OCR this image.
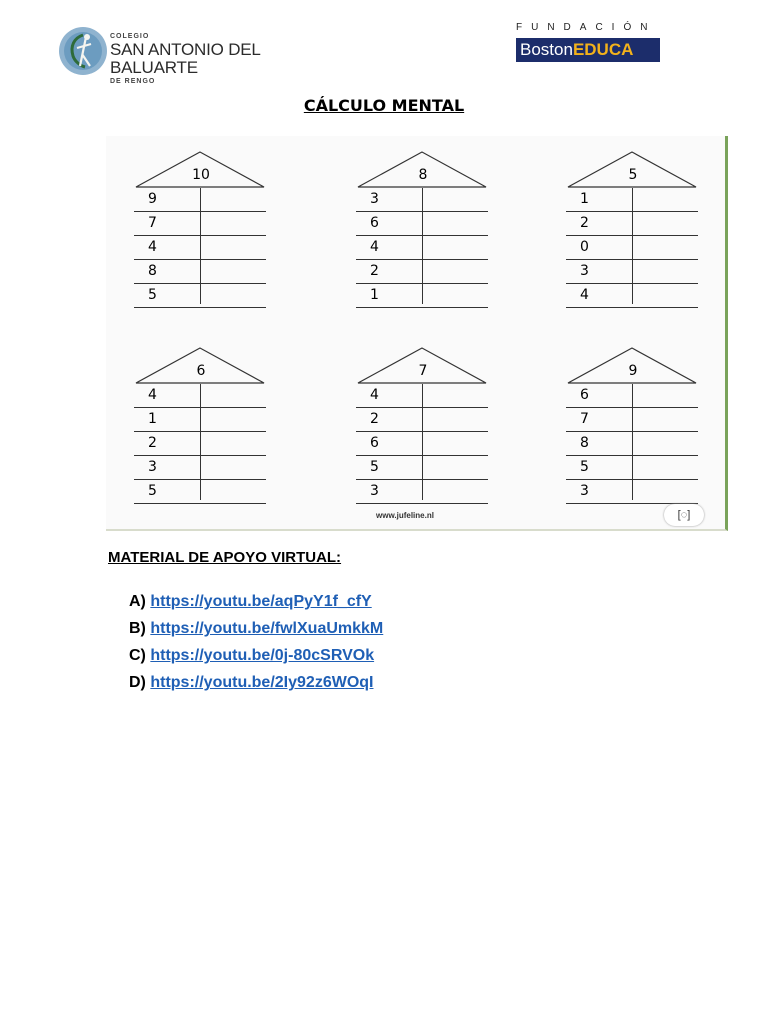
COLEGIO
SAN ANTONIO DEL BALUARTE
DE RENGO
FUNDACIÓN
Boston EDUCA
CÁLCULO MENTAL
10
9
7
4
8
5
8
3
6
4
2
1
5
1
2
0
3
4
6
4
1
2
3
5
7
4
2
6
5
3
9
6
7
8
5
3
www.jufeline.nl	[◌]
MATERIAL DE APOYO VIRTUAL:
A) https://youtu.be/aqPyY1f_cfY
B) https://youtu.be/fwlXuaUmkkM
C) https://youtu.be/0j-80cSRVOk
D) https://youtu.be/2Iy92z6WOqI
